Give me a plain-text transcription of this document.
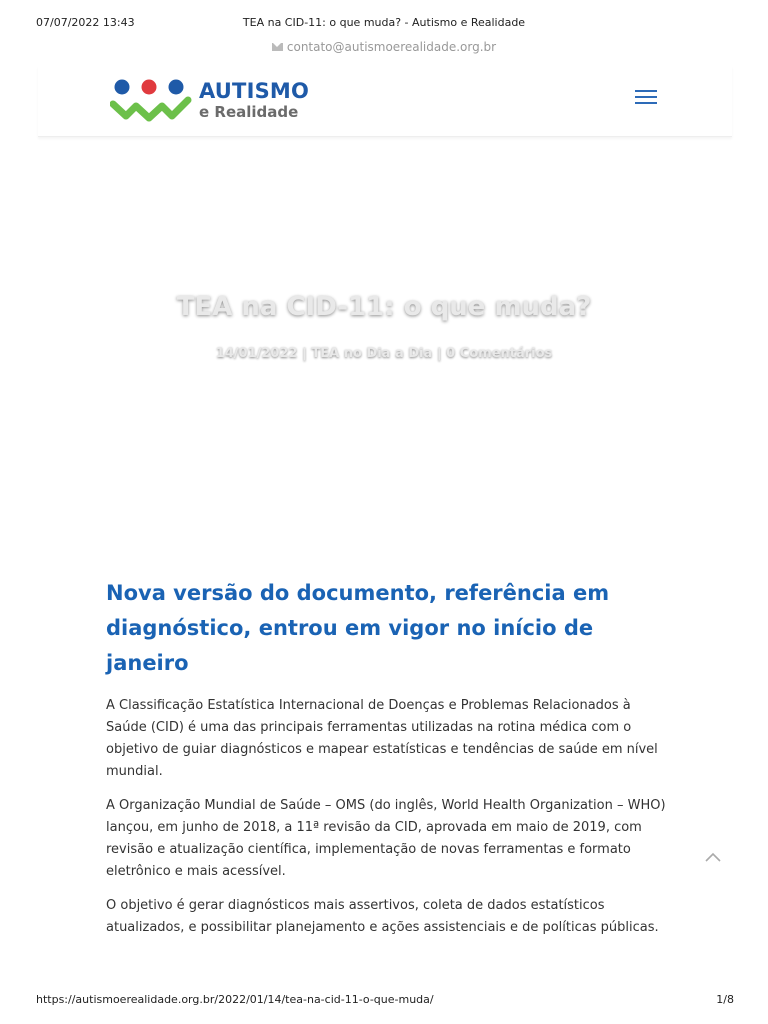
07/07/2022 13:43	TEA na CID-11: o que muda? - Autismo e Realidade
contato@autismoerealidade.org.br
AUTISMO
e Realidade
TEA na CID-11: o que muda?
14/01/2022 | TEA no Dia a Dia | 0 Comentários
Nova versão do documento, referência em diagnóstico, entrou em vigor no início de janeiro

A Classificação Estatística Internacional de Doenças e Problemas Relacionados à Saúde (CID) é uma das principais ferramentas utilizadas na rotina médica com o objetivo de guiar diagnósticos e mapear estatísticas e tendências de saúde em nível mundial.

A Organização Mundial de Saúde – OMS (do inglês, World Health Organization – WHO) lançou, em junho de 2018, a 11ª revisão da CID, aprovada em maio de 2019, com revisão e atualização científica, implementação de novas ferramentas e formato eletrônico e mais acessível.

O objetivo é gerar diagnósticos mais assertivos, coleta de dados estatísticos atualizados, e possibilitar planejamento e ações assistenciais e de políticas públicas.

https://autismoerealidade.org.br/2022/01/14/tea-na-cid-11-o-que-muda/	1/8
